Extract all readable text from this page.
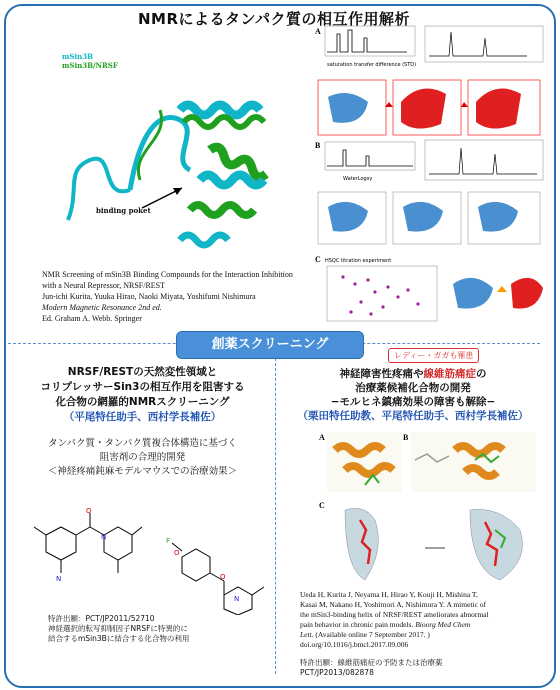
NMRによるタンパク質の相互作用解析
mSin3B
mSin3B/NRSF
binding poket
NMR Screening of mSin3B Binding Compounds for the Interaction Inhibition
with a Neural Repressor, NRSF/REST
Jun-ichi Kurita, Yuuka Hirao, Naoki Miyata, Yoshifumi Nishimura
Modern Magnetic Resonance 2nd ed.
Ed. Graham A. Webb. Springer
A
saturation transfer difference (STD)
B
WaterLogsy
C HSQC titration experiment
創薬スクリーニング
NRSF/RESTの天然変性領域と
コリプレッサーSin3の相互作用を阻害する
化合物の網羅的NMRスクリーニング
（平尾特任助手、西村学長補佐）
タンパク質・タンパク質複合体構造に基づく
阻害剤の合理的開発
＜神経疼痛鈍麻モデルマウスでの治療効果＞
O
N
N
F
O
O
N
特許出願：PCT/JP2011/52710
神経選択的転写抑制因子NRSFに特異的に
結合するmSin3Bに結合する化合物の利用
レディー・ガガも罹患
神経障害性疼痛や線維筋痛症の
治療薬候補化合物の開発
−モルヒネ鎮痛効果の障害も解除−
（栗田特任助教、平尾特任助手、西村学長補佐）
A	B
C
Ueda H, Kurita J, Neyama H, Hirao Y, Kouji H, Mishina T,
Kasai M, Nakano H, Yoshimori A, Nishimura Y. A mimetic of
the mSin3-binding helix of NRSF/REST ameliorates abnormal
pain behavior in chronic pain models. Bioorg Med Chem
Lett. (Available online 7 September 2017. )
doi.org/10.1016/j.bmcl.2017.09.006
特許出願：線維筋痛症の予防または治療薬
PCT/JP2013/082878
